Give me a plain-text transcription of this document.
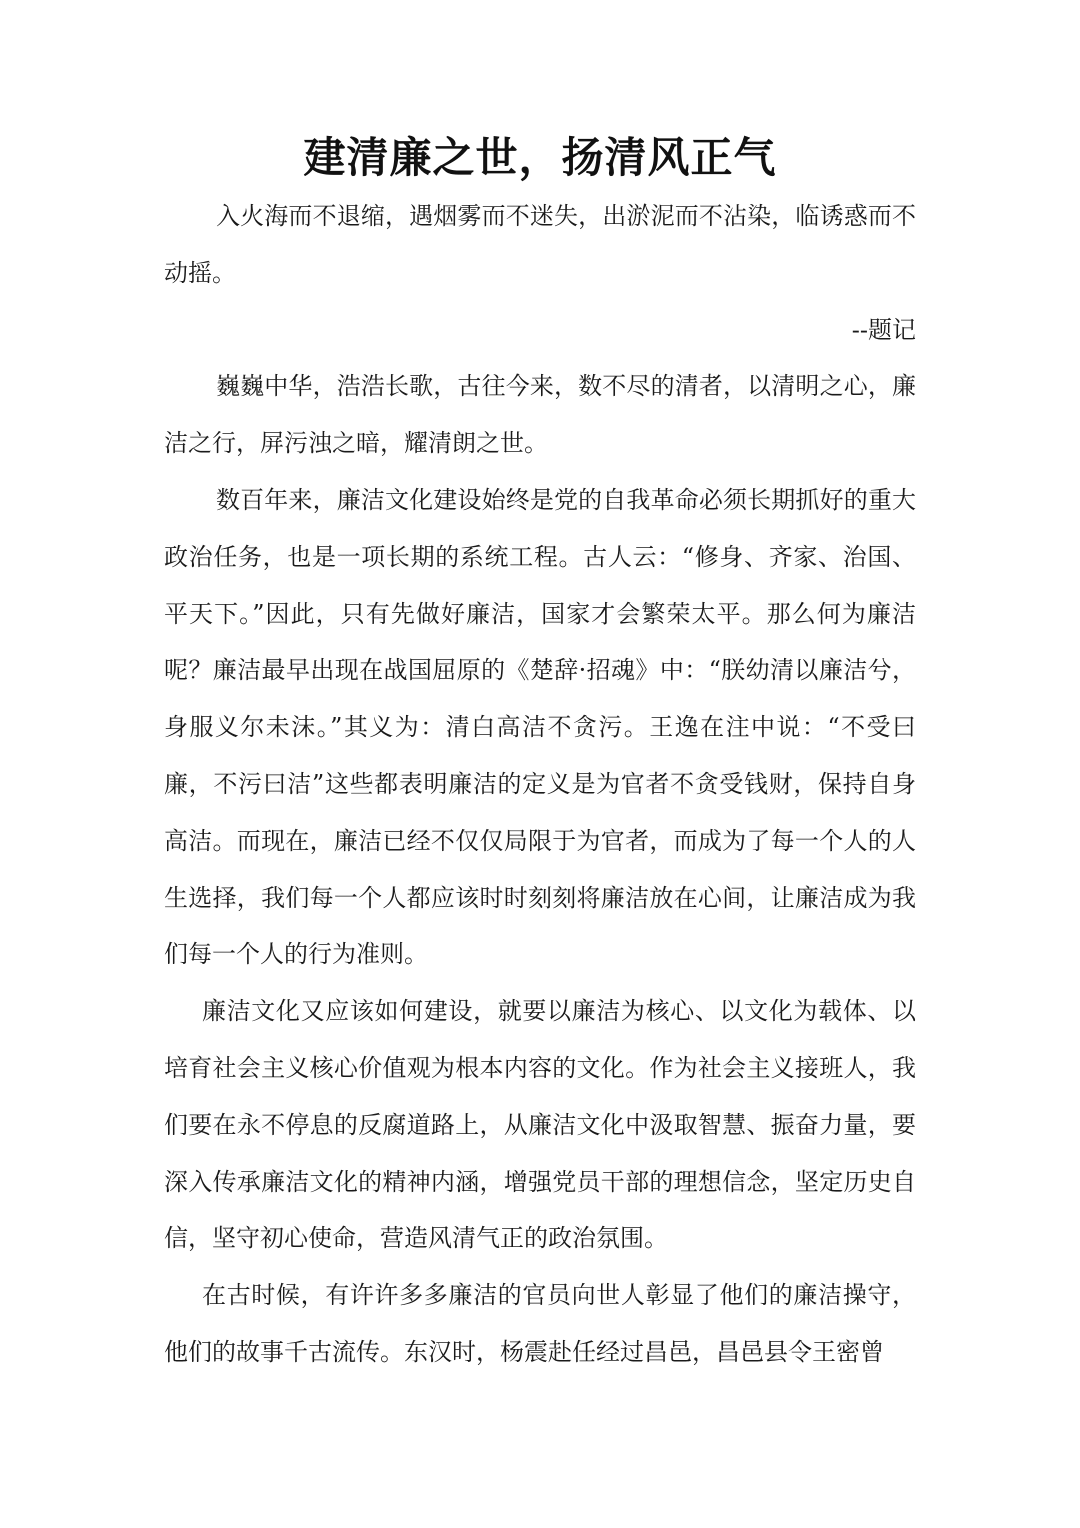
建清廉之世，扬清风正气

入火海而不退缩，遇烟雾而不迷失，出淤泥而不沾染，临诱惑而不动摇。

--题记

巍巍中华，浩浩长歌，古往今来，数不尽的清者，以清明之心，廉洁之行，屏污浊之暗，耀清朗之世。

数百年来，廉洁文化建设始终是党的自我革命必须长期抓好的重大政治任务，也是一项长期的系统工程。古人云：“修身、齐家、治国、平天下。”因此，只有先做好廉洁，国家才会繁荣太平。那么何为廉洁呢？廉洁最早出现在战国屈原的《楚辞·招魂》中：“朕幼清以廉洁兮，身服义尔未沫。”其义为：清白高洁不贪污。王逸在注中说：“不受曰廉，不污曰洁”这些都表明廉洁的定义是为官者不贪受钱财，保持自身高洁。而现在，廉洁已经不仅仅局限于为官者，而成为了每一个人的人生选择，我们每一个人都应该时时刻刻将廉洁放在心间，让廉洁成为我们每一个人的行为准则。

廉洁文化又应该如何建设，就要以廉洁为核心、以文化为载体、以培育社会主义核心价值观为根本内容的文化。作为社会主义接班人，我们要在永不停息的反腐道路上，从廉洁文化中汲取智慧、振奋力量，要深入传承廉洁文化的精神内涵，增强党员干部的理想信念，坚定历史自信，坚守初心使命，营造风清气正的政治氛围。

在古时候，有许许多多廉洁的官员向世人彰显了他们的廉洁操守，他们的故事千古流传。东汉时，杨震赴任经过昌邑，昌邑县令王密曾
